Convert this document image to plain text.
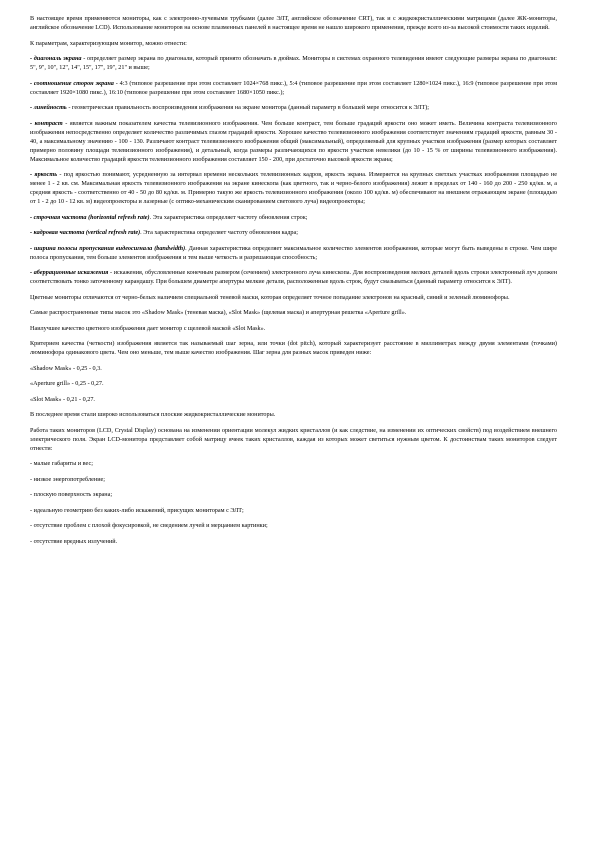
В настоящее время применяются мониторы, как с электронно-лучевыми трубками (далее ЭЛТ, английское обозначение CRT), так и с жидкокристаллическими матрицами (далее ЖК-мониторы, английское обозначение LCD). Использование мониторов на основе плазменных панелей в настоящее время не нашло широкого применения, прежде всего из-за высокой стоимости таких изделий.

К параметрам, характеризующим монитор, можно отнести:

- диагональ экрана - определяет размер экрана по диагонали, который принято обозначать в дюймах. Мониторы в системах охранного телевидения имеют следующие размеры экрана по диагонали: 5", 9", 10", 12", 14", 15", 17", 19", 21" и выше;

- соотношение сторон экрана - 4:3 (типовое разрешение при этом составляет 1024×768 пикс.), 5:4 (типовое разрешение при этом составляет 1280×1024 пикс.), 16:9 (типовое разрешение при этом составляет 1920×1080 пикс.), 16:10 (типовое разрешение при этом составляет 1680×1050 пикс.);

- линейность - геометрическая правильность воспроизведения изображения на экране монитора (данный параметр в большей мере относится к ЭЛТ);

- контраст - является важным показателем качества телевизионного изображения. Чем больше контраст, тем больше градаций яркости оно может иметь. Величина контраста телевизионного изображения непосредственно определяет количество различимых глазом градаций яркости. Хорошее качество телевизионного изображения соответствует значениям градаций яркости, равным 30 - 40, а максимальному значению - 100 - 130. Различают контраст телевизионного изображения общий (максимальный), определяемый для крупных участков изображения (размер которых составляет примерно половину площади телевизионного изображения), и детальный, когда размеры различающихся по яркости участков невелики (до 10 - 15 % от ширины телевизионного изображения). Максимальное количество градаций яркости телевизионного изображения составляет 150 - 200, при достаточно высокой яркости экрана;

- яркость - под яркостью понимают, усредненную за интервал времени нескольких телевизионных кадров, яркость экрана. Измеряется на крупных светлых участках изображения площадью не менее 1 - 2 кв. см. Максимальная яркость телевизионного изображения на экране кинескопа (как цветного, так и черно-белого изображения) лежит в пределах от 140 - 160 до 200 - 250 кд/кв. м, а средняя яркость - соответственно от 40 - 50 до 80 кд/кв. м. Примерно такую же яркость телевизионного изображения (около 100 кд/кв. м) обеспечивают на внешнем отражающем экране (площадью от 1 - 2 до 10 - 12 кв. м) видеопроекторы и лазерные (с оптико-механическим сканированием светового луча) видеопроекторы;

- строчная частота (horizontal refresh rate). Эта характеристика определяет частоту обновления строк;

- кадровая частота (vertical refresh rate). Эта характеристика определяет частоту обновления кадра;

- ширина полосы пропускания видеосигнала (bandwidth). Данная характеристика определяет максимальное количество элементов изображения, которые могут быть выведены в строке. Чем шире полоса пропускания, тем больше элементов изображения и тем выше четкость и разрешающая способность;

- аберрационные искажения - искажения, обусловленные конечным размером (сечением) электронного луча кинескопа. Для воспроизведения мелких деталей вдоль строки электронный луч должен соответствовать тонко заточенному карандашу. При большем диаметре апертуры мелкие детали, расположенные вдоль строк, будут смазываться (данный параметр относится к ЭЛТ).

Цветные мониторы отличаются от черно-белых наличием специальной теневой маски, которая определяет точное попадание электронов на красный, синий и зеленый люминофоры.

Самые распространенные типы масок это «Shadow Mask» (теневая маска), «Slot Mask» (щелевая маска) и апертурная решетка «Aperture grill».

Наилучшее качество цветного изображения дает монитор с щелевой маской «Slot Mask».

Критерием качества (четкости) изображения является так называемый шаг зерна, или точки (dot pitch), который характеризует расстояние в миллиметрах между двумя элементами (точками) люминофора одинакового цвета. Чем оно меньше, тем выше качество изображения. Шаг зерна для разных масок приведен ниже:

«Shadow Mask» - 0,25 - 0,3.

«Aperture grill» - 0,25 - 0,27.

«Slot Mask» - 0,21 - 0,27.

В последнее время стали широко использоваться плоские жидкокристаллические мониторы.

Работа таких мониторов (LCD, Crystal Display) основана на изменении ориентации молекул жидких кристаллов (и как следствие, на изменении их оптических свойств) под воздействием внешнего электрического поля. Экран LCD-монитора представляет собой матрицу ячеек таких кристаллов, каждая из которых может светиться нужным цветом. К достоинствам таких мониторов следует отнести:

- малые габариты и вес;

- низкое энергопотребление;

- плоскую поверхность экрана;

- идеальную геометрию без каких-либо искажений, присущих мониторам с ЭЛТ;

- отсутствие проблем с плохой фокусировкой, не сведением лучей и мерцанием картинки;

- отсутствие вредных излучений.
